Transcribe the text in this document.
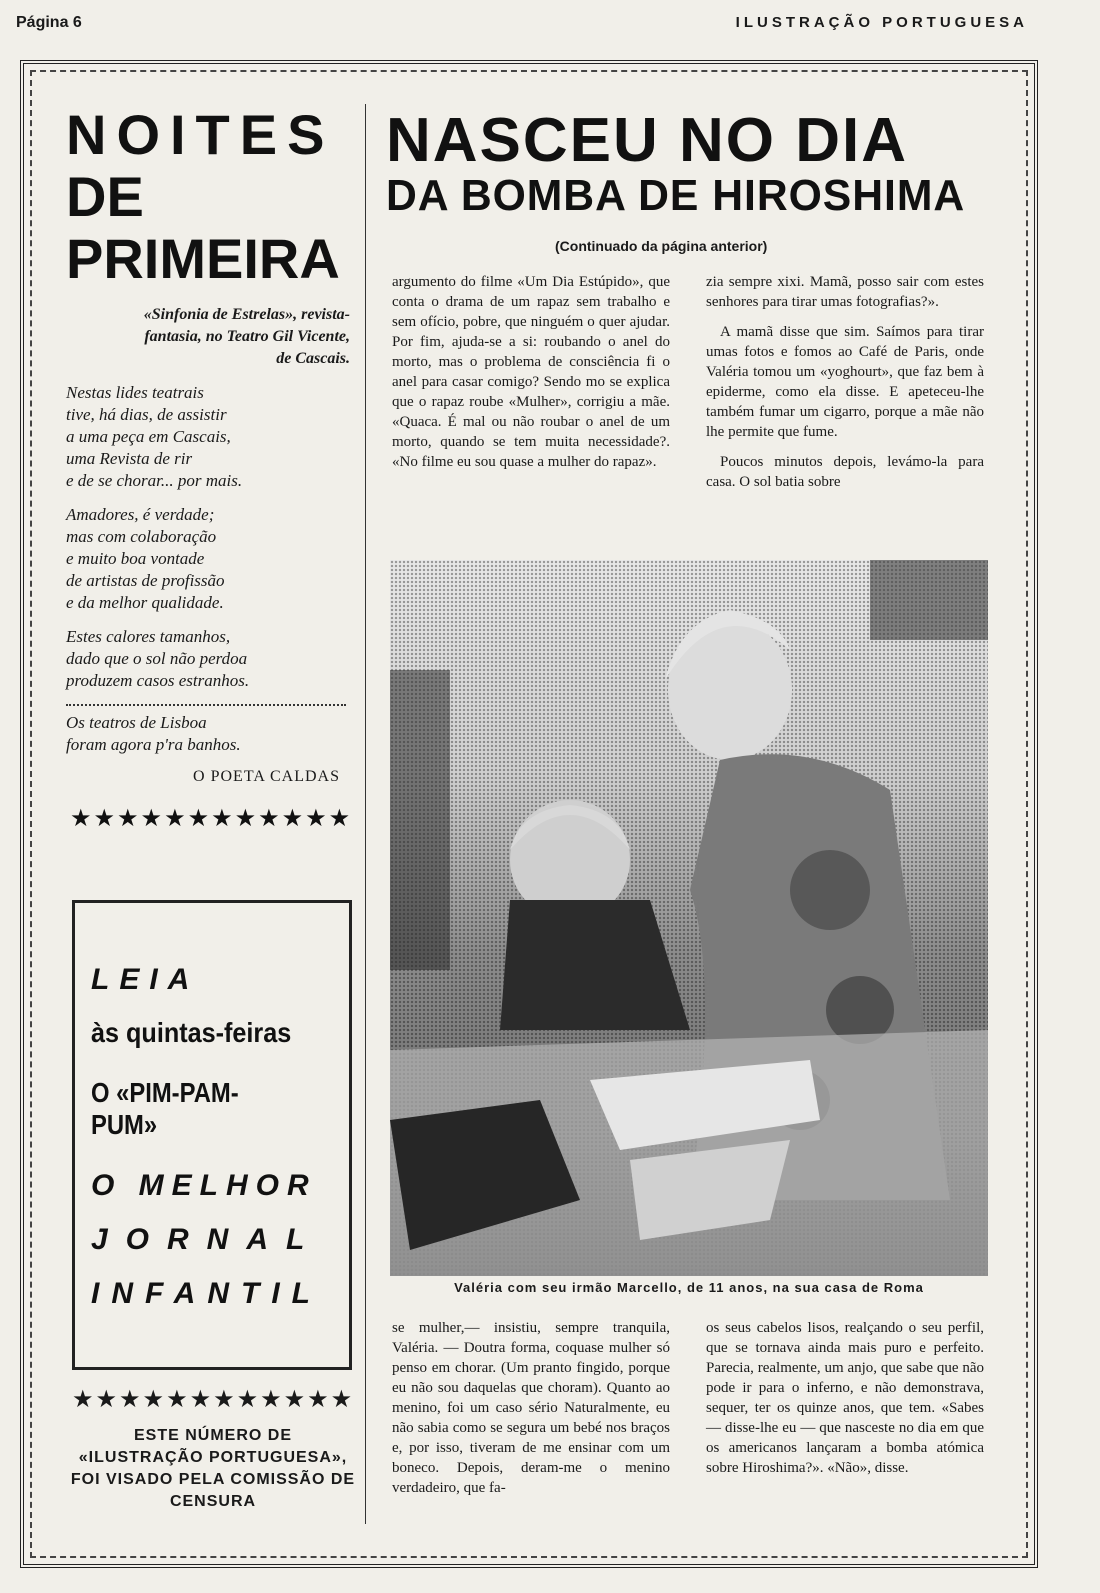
Página 6	ILUSTRAÇÃO PORTUGUESA
NOITES
DE
PRIMEIRA

«Sinfonia de Estrelas», revista-fantasia, no Teatro Gil Vicente, de Cascais.

Nestas lides teatrais

tive, há dias, de assistir

a uma peça em Cascais,

uma Revista de rir

e de se chorar... por mais.

Amadores, é verdade;

mas com colaboração

e muito boa vontade

de artistas de profissão

e da melhor qualidade.

Estes calores tamanhos,

dado que o sol não perdoa

produzem casos estranhos.

Os teatros de Lisboa

foram agora p'ra banhos.

O POETA CALDAS

★★★★★★★★★★★★

LEIA

às quintas-feiras

O «PIM-PAM-PUM»

O MELHOR

JORNAL

INFANTIL

★★★★★★★★★★★★
ESTE NÚMERO DE «ILUSTRAÇÃO PORTUGUESA», FOI VISADO PELA COMISSÃO DE CENSURA
NASCEU NO DIA
DA BOMBA DE HIROSHIMA
(Continuado da página anterior)

argumento do filme «Um Dia Estúpido», que conta o drama de um rapaz sem trabalho e sem ofício, pobre, que ninguém o quer ajudar. Por fim, ajuda-se a si: roubando o anel do morto, mas o problema de consciência fi o anel para casar comigo? Sendo mo se explica que o rapaz roube «Mulher», corrigiu a mãe. «Quaca. É mal ou não roubar o anel de um morto, quando se tem muita necessidade?. «No filme eu sou quase a mulher do rapaz».

zia sempre xixi. Mamã, posso sair com estes senhores para tirar umas fotografias?».

A mamã disse que sim. Saímos para tirar umas fotos e fomos ao Café de Paris, onde Valéria tomou um «yoghourt», que faz bem à epiderme, como ela disse. E apeteceu-lhe também fumar um cigarro, porque a mãe não lhe permite que fume.

Poucos minutos depois, levámo-la para casa. O sol batia sobre

Valéria com seu irmão Marcello, de 11 anos, na sua casa de Roma

se mulher,— insistiu, sempre tranquila, Valéria. — Doutra forma, coquase mulher só penso em chorar. (Um pranto fingido, porque eu não sou daquelas que choram). Quanto ao menino, foi um caso sério Naturalmente, eu não sabia como se segura um bebé nos braços e, por isso, tiveram de me ensinar com um boneco. Depois, deram-me o menino verdadeiro, que fa-

os seus cabelos lisos, realçando o seu perfil, que se tornava ainda mais puro e perfeito. Parecia, realmente, um anjo, que sabe que não pode ir para o inferno, e não demonstrava, sequer, ter os quinze anos, que tem. «Sabes — disse-lhe eu — que nasceste no dia em que os americanos lançaram a bomba atómica sobre Hiroshima?». «Não», disse.
